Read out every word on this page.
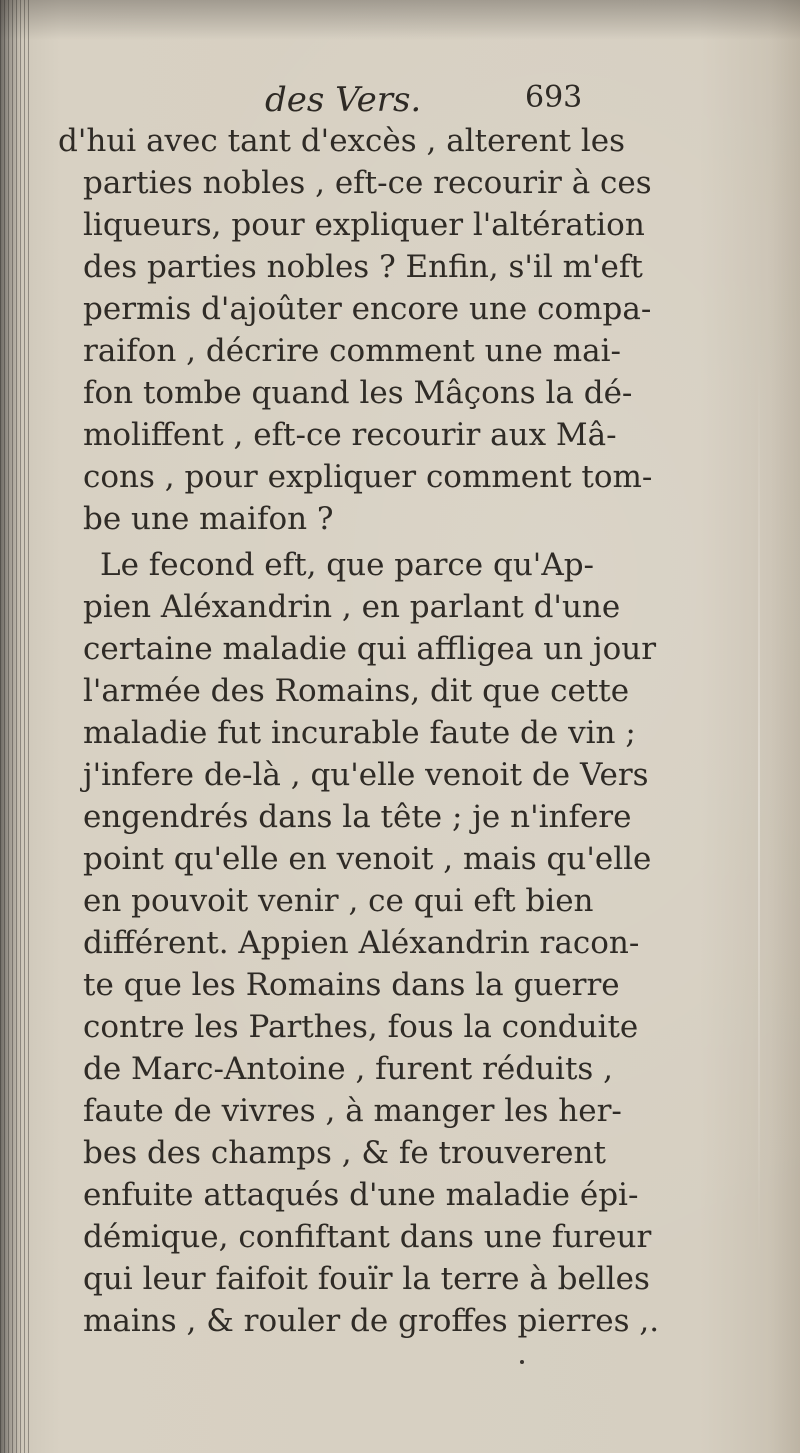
des Vers.	693
d'hui avec tant d'excès , alterent les
parties nobles , eft-ce recourir à ces
liqueurs, pour expliquer l'altération
des parties nobles ? Enfin, s'il m'eft
permis d'ajoûter encore une compa-
raifon , décrire comment une mai-
fon tombe quand les Mâçons la dé-
moliffent , eft-ce recourir aux Mâ-
cons , pour expliquer comment tom-
be une maifon ?
Le fecond eft, que parce qu'Ap-
pien Aléxandrin , en parlant d'une
certaine maladie qui affligea un jour
l'armée des Romains, dit que cette
maladie fut incurable faute de vin ;
j'infere de-là , qu'elle venoit de Vers
engendrés dans la tête ; je n'infere
point qu'elle en venoit , mais qu'elle
en pouvoit venir , ce qui eft bien
différent. Appien Aléxandrin racon-
te que les Romains dans la guerre
contre les Parthes, fous la conduite
de Marc-Antoine , furent réduits ,
faute de vivres , à manger les her-
bes des champs , & fe trouverent
enfuite attaqués d'une maladie épi-
démique, confiftant dans une fureur
qui leur faifoit fouïr la terre à belles
mains , & rouler de groffes pierres ,.
